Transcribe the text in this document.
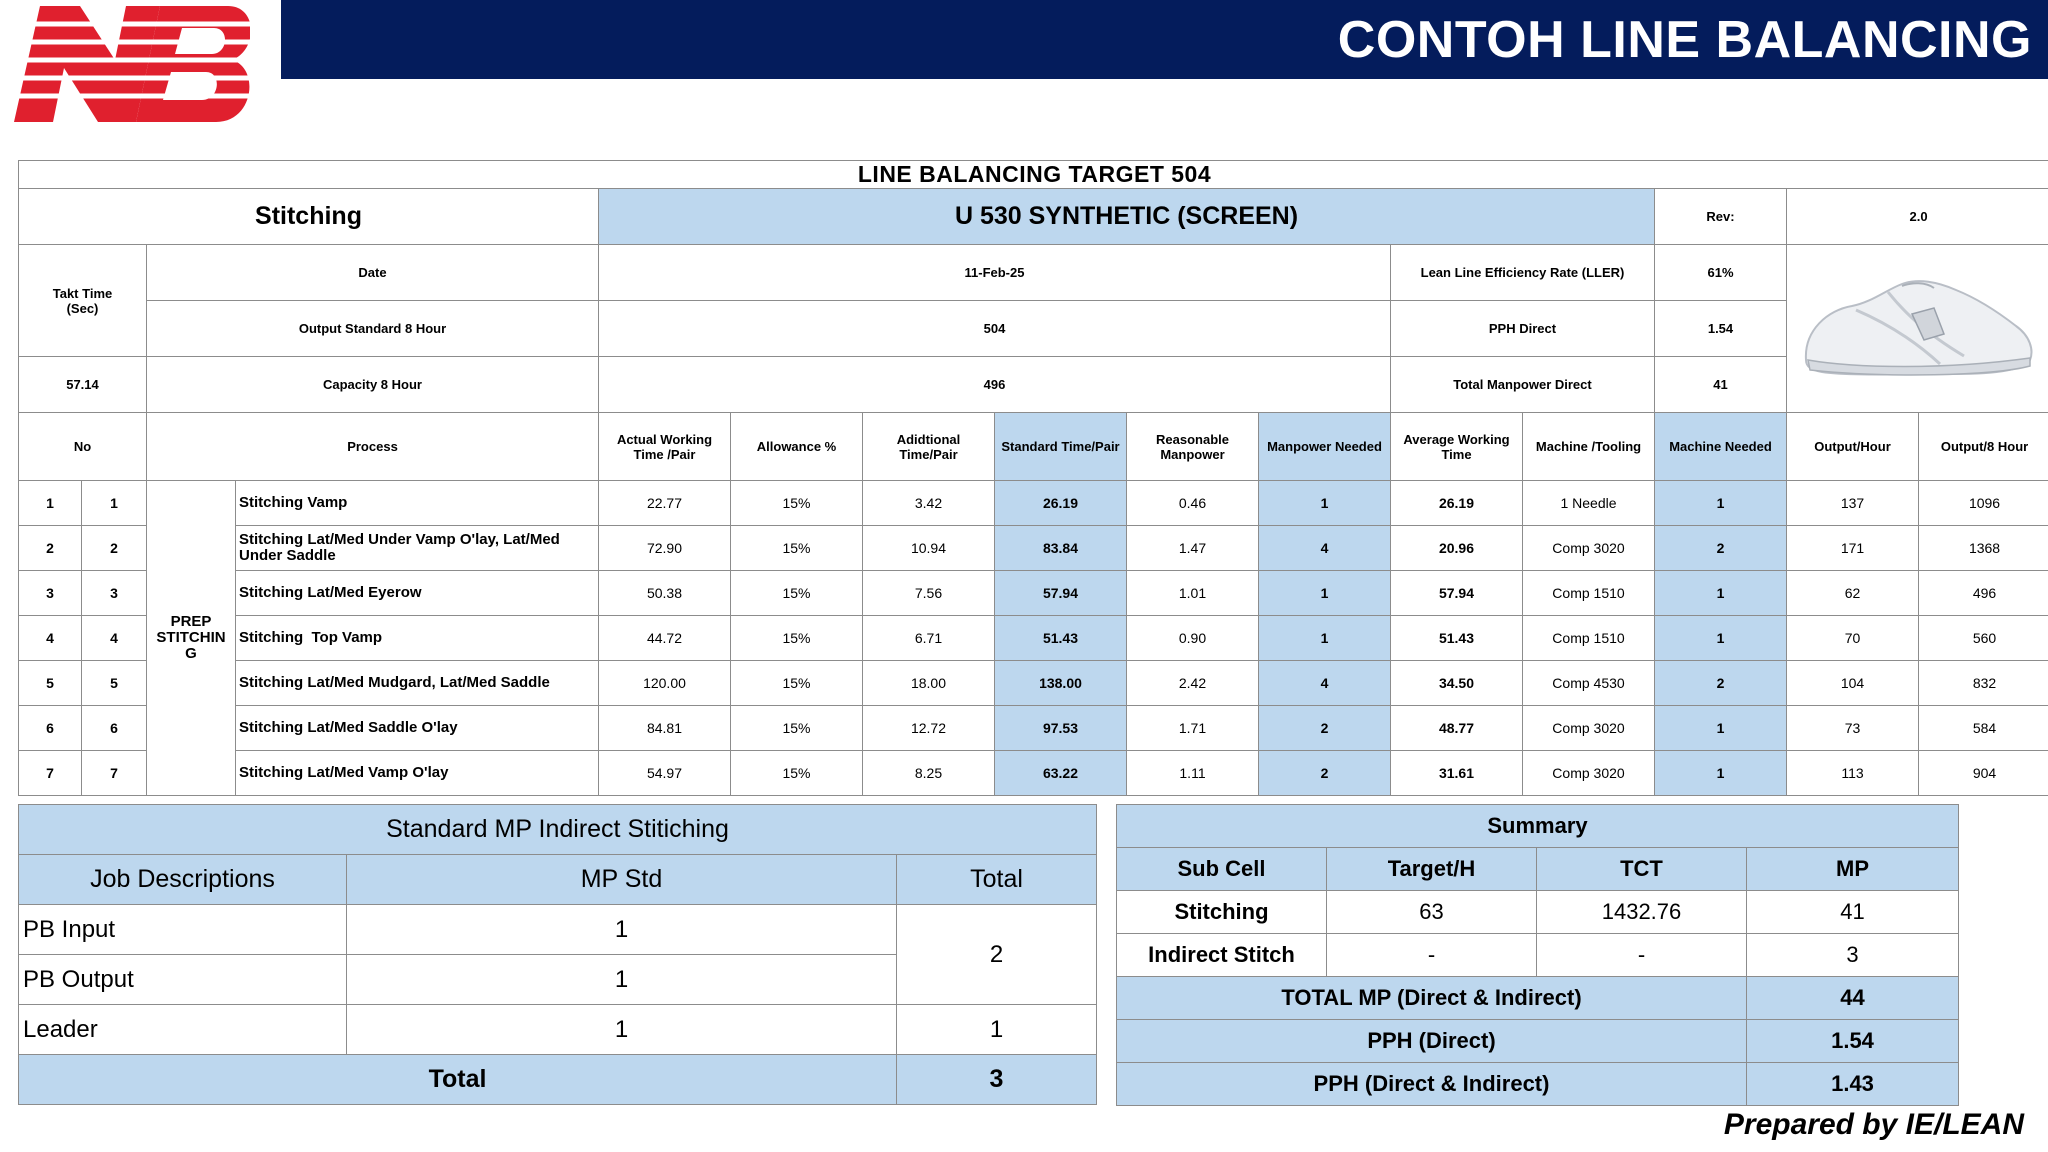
CONTOH LINE BALANCING
LINE BALANCING TARGET 504														
Stitching				U 530 SYNTHETIC (SCREEN)								Rev:	2.0	
Takt Time
(Sec)		Date		11-Feb-25						Lean Line Efficiency Rate (LLER)		61%	
		Output Standard 8 Hour		504						PPH Direct		1.54		
57.14		Capacity 8 Hour		496						Total Manpower Direct		41		
No		Process		Actual Working Time /Pair	Allowance %	Adidtional Time/Pair	Standard Time/Pair	Reasonable Manpower	Manpower Needed	Average Working Time	Machine /Tooling	Machine Needed	Output/Hour	Output/8 Hour
1	1	PREP STITCHIN G	Stitching Vamp	22.77	15%	3.42	26.19	0.46	1	26.19	1 Needle	1	137	1096
2	2		Stitching Lat/Med Under Vamp O'lay, Lat/Med Under Saddle	72.90	15%	10.94	83.84	1.47	4	20.96	Comp 3020	2	171	1368
3	3		Stitching Lat/Med Eyerow	50.38	15%	7.56	57.94	1.01	1	57.94	Comp 1510	1	62	496
4	4		Stitching  Top Vamp	44.72	15%	6.71	51.43	0.90	1	51.43	Comp 1510	1	70	560
5	5		Stitching Lat/Med Mudgard, Lat/Med Saddle	120.00	15%	18.00	138.00	2.42	4	34.50	Comp 4530	2	104	832
6	6		Stitching Lat/Med Saddle O'lay	84.81	15%	12.72	97.53	1.71	2	48.77	Comp 3020	1	73	584
7	7		Stitching Lat/Med Vamp O'lay	54.97	15%	8.25	63.22	1.11	2	31.61	Comp 3020	1	113	904
Standard MP Indirect Stitiching		
Job Descriptions	MP Std	Total
PB Input	1	2
PB Output	1	
Leader	1	1
Total		3
Summary			
Sub Cell	Target/H	TCT	MP
Stitching	63	1432.76	41
Indirect Stitch	-	-	3
TOTAL MP (Direct & Indirect)			44
PPH (Direct)			1.54
PPH (Direct & Indirect)			1.43
Prepared by IE/LEAN
